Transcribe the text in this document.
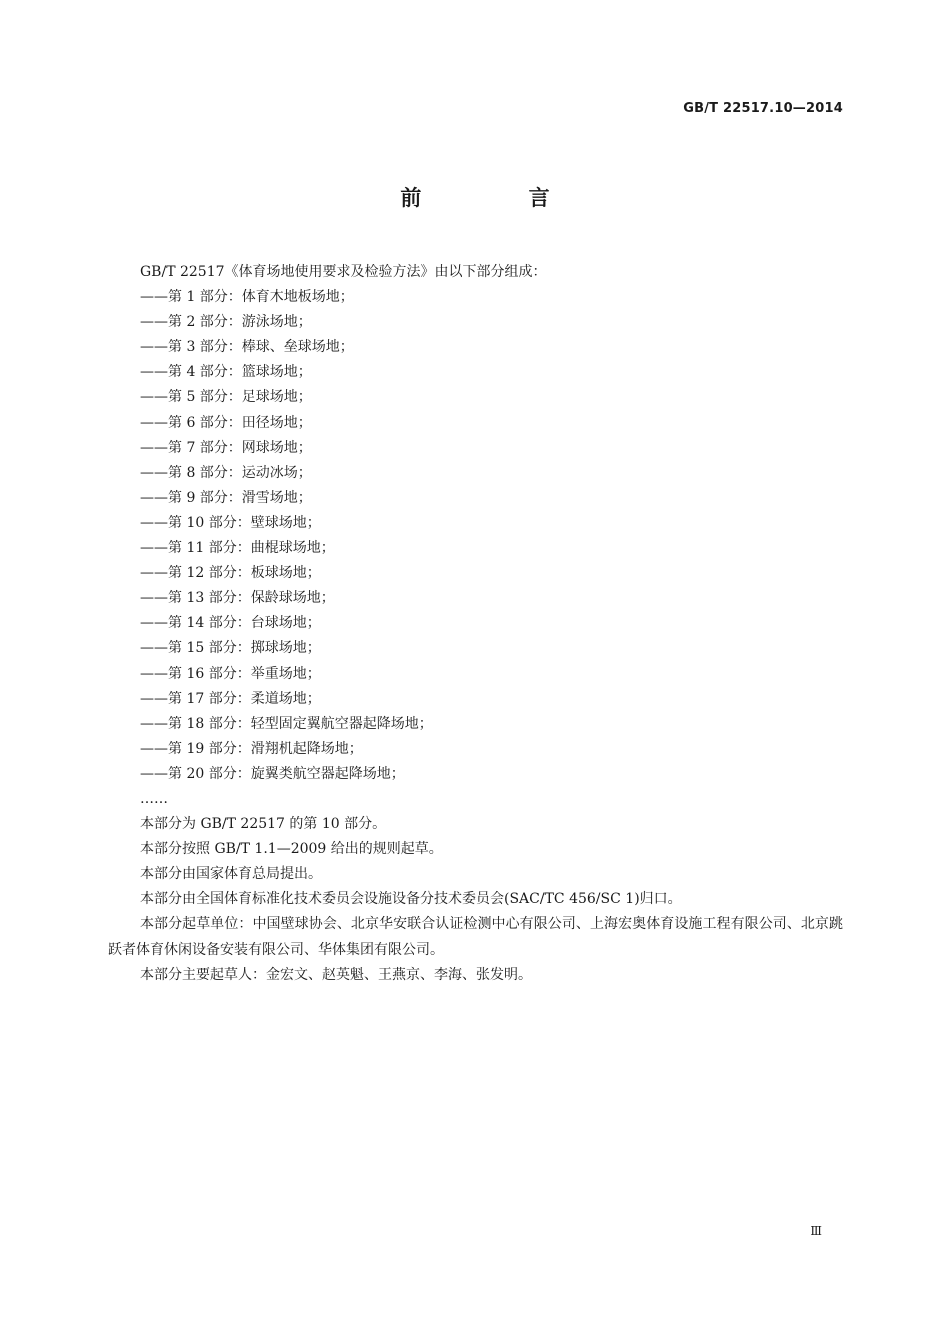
GB/T 22517.10—2014
前 言

GB/T 22517《体育场地使用要求及检验方法》由以下部分组成：

——第 1 部分：体育木地板场地；

——第 2 部分：游泳场地；

——第 3 部分：棒球、垒球场地；

——第 4 部分：篮球场地；

——第 5 部分：足球场地；

——第 6 部分：田径场地；

——第 7 部分：网球场地；

——第 8 部分：运动冰场；

——第 9 部分：滑雪场地；

——第 10 部分：壁球场地；

——第 11 部分：曲棍球场地；

——第 12 部分：板球场地；

——第 13 部分：保龄球场地；

——第 14 部分：台球场地；

——第 15 部分：掷球场地；

——第 16 部分：举重场地；

——第 17 部分：柔道场地；

——第 18 部分：轻型固定翼航空器起降场地；

——第 19 部分：滑翔机起降场地；

——第 20 部分：旋翼类航空器起降场地；

……

本部分为 GB/T 22517 的第 10 部分。

本部分按照 GB/T 1.1—2009 给出的规则起草。

本部分由国家体育总局提出。

本部分由全国体育标准化技术委员会设施设备分技术委员会(SAC/TC 456/SC 1)归口。

本部分起草单位：中国壁球协会、北京华安联合认证检测中心有限公司、上海宏奥体育设施工程有限公司、北京跳跃者体育休闲设备安装有限公司、华体集团有限公司。

本部分主要起草人：金宏文、赵英魁、王燕京、李海、张发明。

Ⅲ
